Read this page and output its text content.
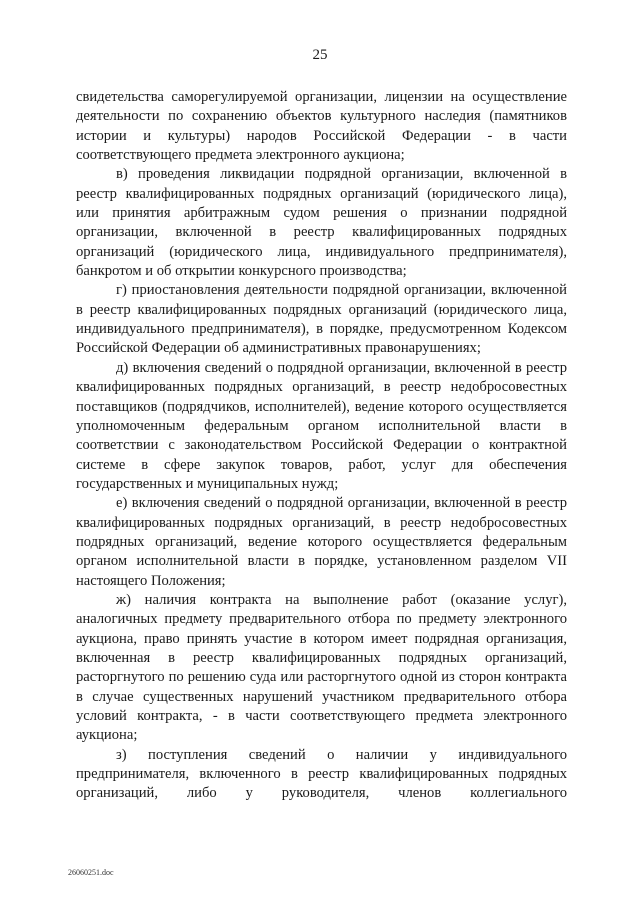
25

свидетельства саморегулируемой организации, лицензии на осуществление деятельности по сохранению объектов культурного наследия (памятников истории и культуры) народов Российской Федерации - в части соответствующего предмета электронного аукциона;

в) проведения ликвидации подрядной организации, включенной в реестр квалифицированных подрядных организаций (юридического лица), или принятия арбитражным судом решения о признании подрядной организации, включенной в реестр квалифицированных подрядных организаций (юридического лица, индивидуального предпринимателя), банкротом и об открытии конкурсного производства;

г) приостановления деятельности подрядной организации, включенной в реестр квалифицированных подрядных организаций (юридического лица, индивидуального предпринимателя), в порядке, предусмотренном Кодексом Российской Федерации об административных правонарушениях;

д) включения сведений о подрядной организации, включенной в реестр квалифицированных подрядных организаций, в реестр недобросовестных поставщиков (подрядчиков, исполнителей), ведение которого осуществляется уполномоченным федеральным органом исполнительной власти в соответствии с законодательством Российской Федерации о контрактной системе в сфере закупок товаров, работ, услуг для обеспечения государственных и муниципальных нужд;

е) включения сведений о подрядной организации, включенной в реестр квалифицированных подрядных организаций, в реестр недобросовестных подрядных организаций, ведение которого осуществляется федеральным органом исполнительной власти в порядке, установленном разделом VII настоящего Положения;

ж) наличия контракта на выполнение работ (оказание услуг), аналогичных предмету предварительного отбора по предмету электронного аукциона, право принять участие в котором имеет подрядная организация, включенная в реестр квалифицированных подрядных организаций, расторгнутого по решению суда или расторгнутого одной из сторон контракта в случае существенных нарушений участником предварительного отбора условий контракта, - в части соответствующего предмета электронного аукциона;

з) поступления сведений о наличии у индивидуального предпринимателя, включенного в реестр квалифицированных подрядных организаций, либо у руководителя, членов коллегиального

26060251.doc
